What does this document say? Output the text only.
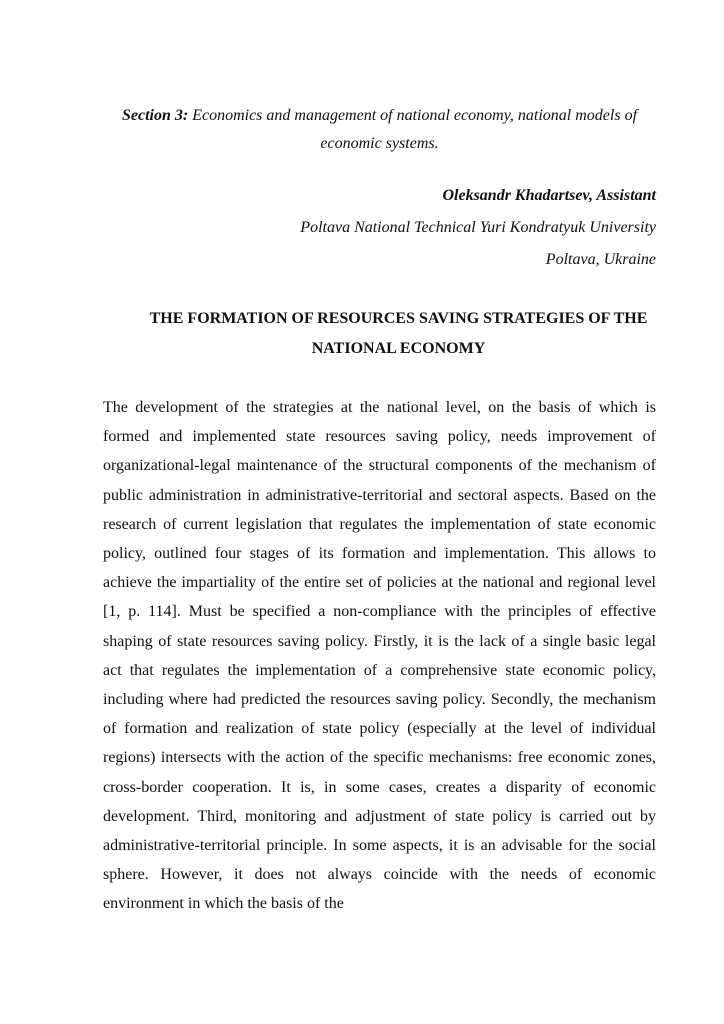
Section 3: Economics and management of national economy, national models of economic systems.
Oleksandr Khadartsev, Assistant
Poltava National Technical Yuri Kondratyuk University
Poltava, Ukraine
THE FORMATION OF RESOURCES SAVING STRATEGIES OF THE NATIONAL ECONOMY
The development of the strategies at the national level, on the basis of which is formed and implemented state resources saving policy, needs improvement of organizational-legal maintenance of the structural components of the mechanism of public administration in administrative-territorial and sectoral aspects. Based on the research of current legislation that regulates the implementation of state economic policy, outlined four stages of its formation and implementation. This allows to achieve the impartiality of the entire set of policies at the national and regional level [1, p. 114]. Must be specified a non-compliance with the principles of effective shaping of state resources saving policy. Firstly, it is the lack of a single basic legal act that regulates the implementation of a comprehensive state economic policy, including where had predicted the resources saving policy. Secondly, the mechanism of formation and realization of state policy (especially at the level of individual regions) intersects with the action of the specific mechanisms: free economic zones, cross-border cooperation. It is, in some cases, creates a disparity of economic development. Third, monitoring and adjustment of state policy is carried out by administrative-territorial principle. In some aspects, it is an advisable for the social sphere. However, it does not always coincide with the needs of economic environment in which the basis of the
